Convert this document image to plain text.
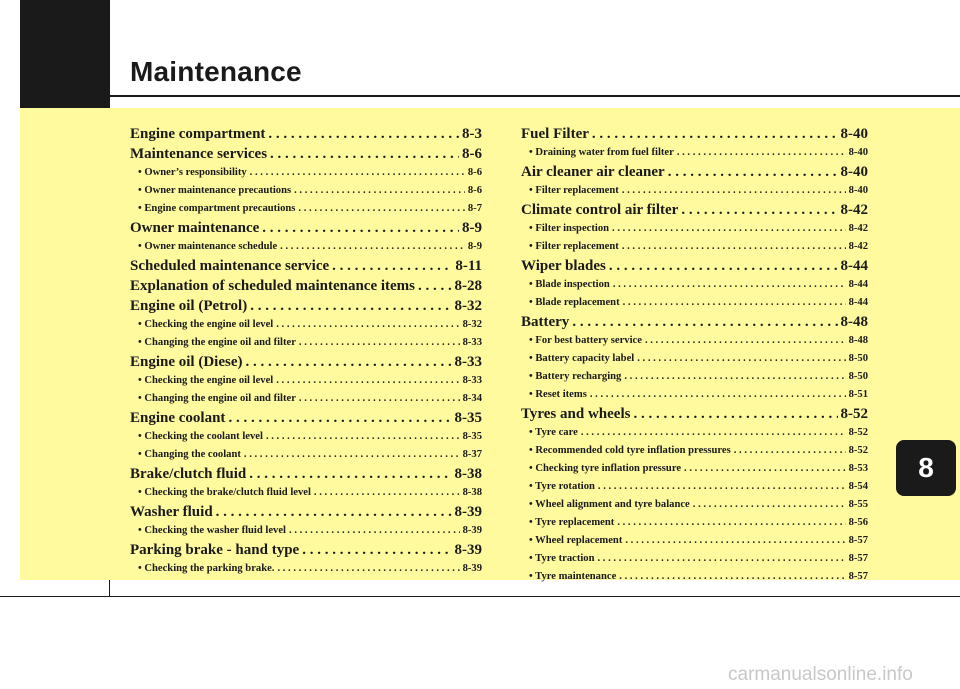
Maintenance
Engine compartment . . .	8-3
Maintenance services . . .	8-6
• Owner’s responsibility . . .	8-6
• Owner maintenance precautions . . .	8-6
• Engine compartment precautions . . .	8-7
Owner maintenance . . .	8-9
• Owner maintenance schedule . . .	8-9
Scheduled maintenance service . . .	8-11
Explanation of scheduled maintenance items . . .	8-28
Engine oil (Petrol) . . .	8-32
• Checking the engine oil level . . .	8-32
• Changing the engine oil and filter . . .	8-33
Engine oil (Diese) . . .	8-33
• Checking the engine oil level . . .	8-33
• Changing the engine oil and filter . . .	8-34
Engine coolant . . .	8-35
• Checking the coolant level . . .	8-35
• Changing the coolant . . .	8-37
Brake/clutch fluid . . .	8-38
• Checking the brake/clutch fluid level . . .	8-38
Washer fluid . . .	8-39
• Checking the washer fluid level . . .	8-39
Parking brake - hand type . . .	8-39
• Checking the parking brake. . . .	8-39
Fuel Filter . . .	8-40
• Draining water from fuel filter . . .	8-40
Air cleaner air cleaner . . .	8-40
• Filter replacement . . .	8-40
Climate control air filter . . .	8-42
• Filter inspection . . .	8-42
• Filter replacement . . .	8-42
Wiper blades . . .	8-44
• Blade inspection . . .	8-44
• Blade replacement . . .	8-44
Battery . . .	8-48
• For best battery service . . .	8-48
• Battery capacity label . . .	8-50
• Battery recharging . . .	8-50
• Reset items . . .	8-51
Tyres and wheels . . .	8-52
• Tyre care . . .	8-52
• Recommended cold tyre inflation pressures . . .	8-52
• Checking tyre inflation pressure . . .	8-53
• Tyre rotation . . .	8-54
• Wheel alignment and tyre balance . . .	8-55
• Tyre replacement . . .	8-56
• Wheel replacement . . .	8-57
• Tyre traction . . .	8-57
• Tyre maintenance . . .	8-57
8
carmanualsonline.info
